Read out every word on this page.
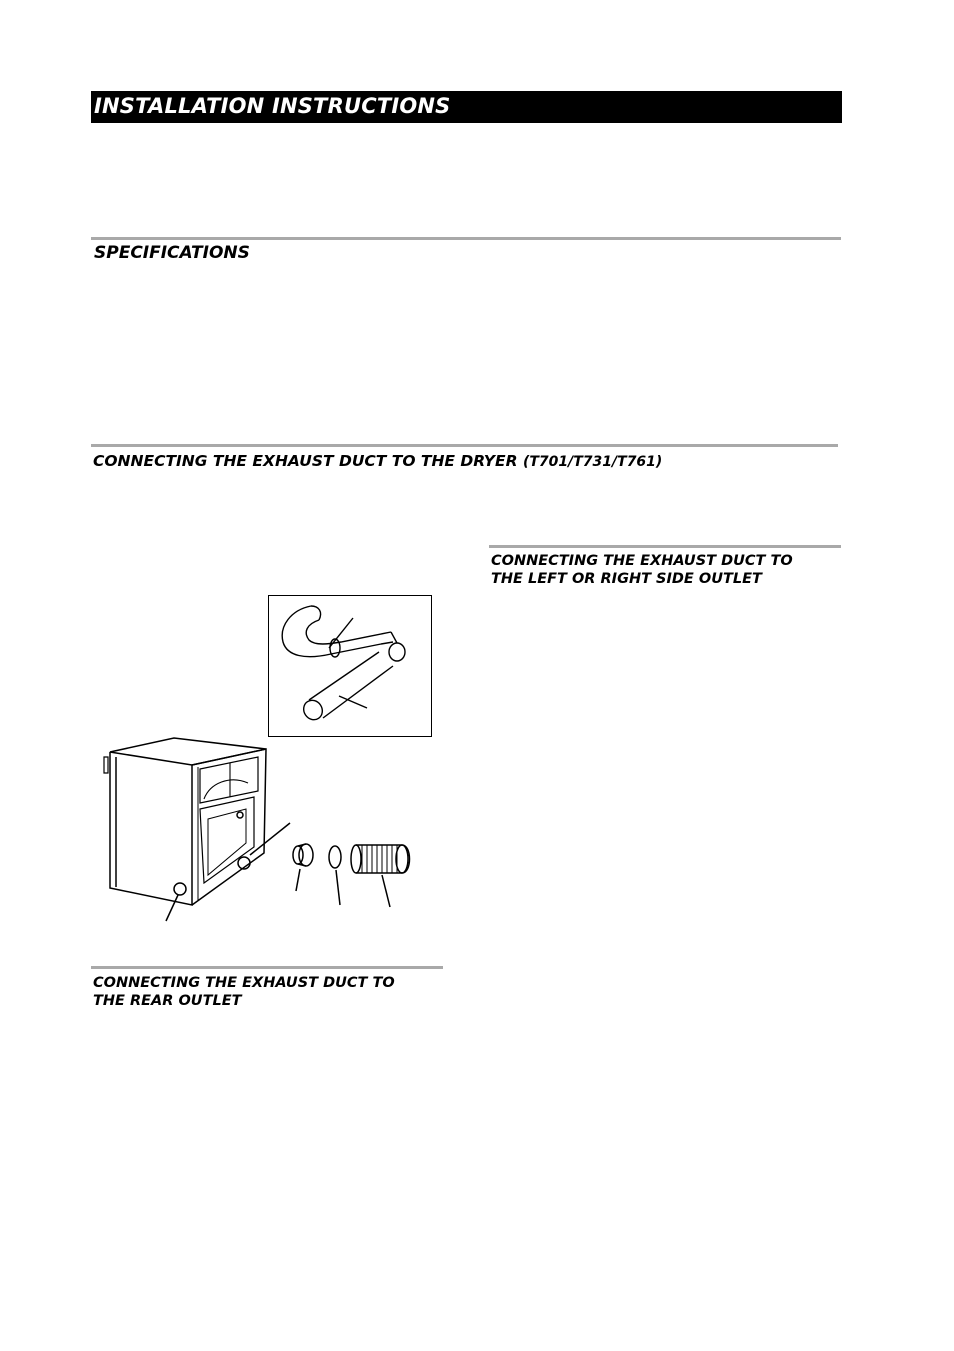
INSTALLATION INSTRUCTIONS
SPECIFICATIONS
CONNECTING THE EXHAUST DUCT TO THE DRYER (T701/T731/T761)
CONNECTING THE EXHAUST DUCT TO
THE LEFT OR RIGHT SIDE OUTLET
CONNECTING THE EXHAUST DUCT TO
THE REAR OUTLET
